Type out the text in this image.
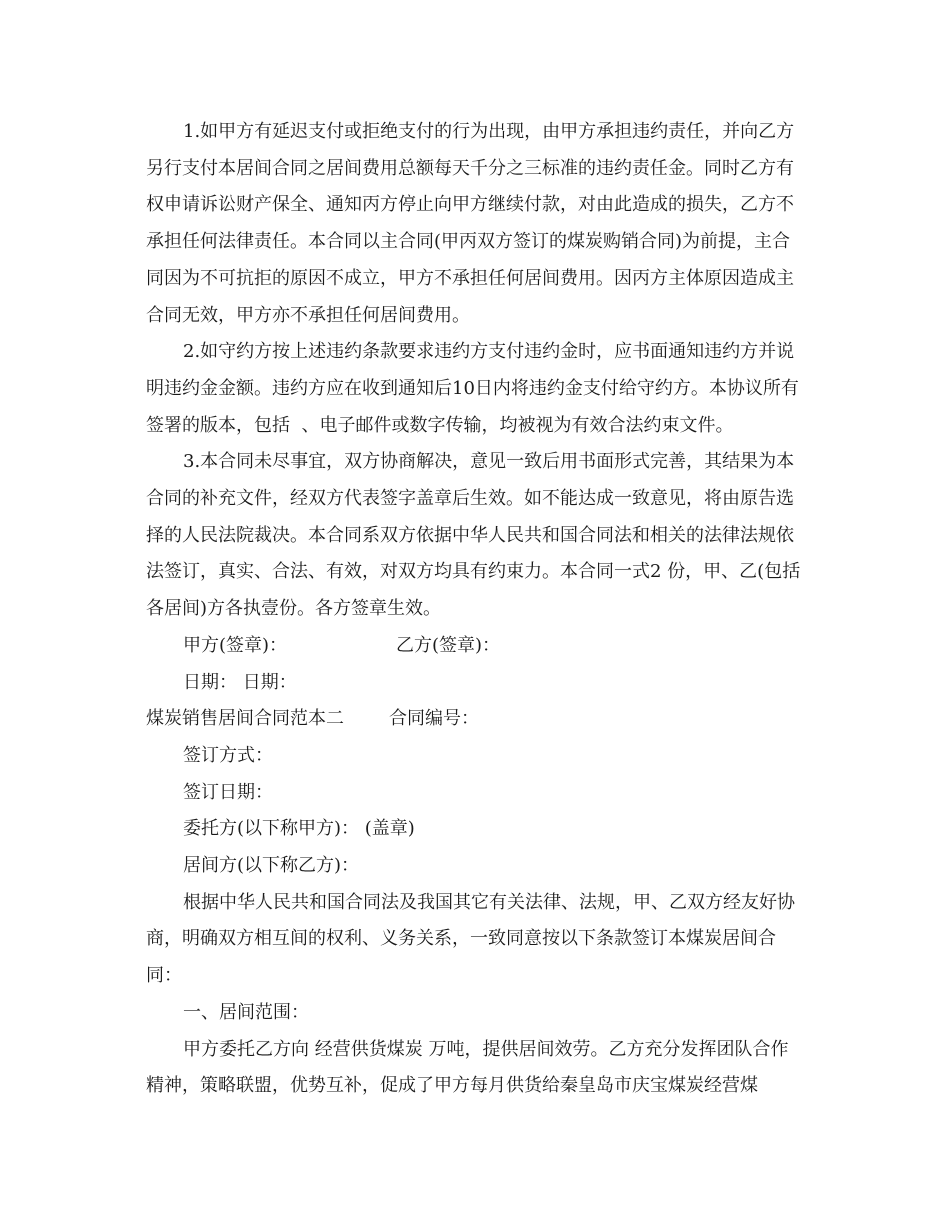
1.如甲方有延迟支付或拒绝支付的行为出现，由甲方承担违约责任，并向乙方另行支付本居间合同之居间费用总额每天千分之三标准的违约责任金。同时乙方有权申请诉讼财产保全、通知丙方停止向甲方继续付款，对由此造成的损失，乙方不承担任何法律责任。本合同以主合同(甲丙双方签订的煤炭购销合同)为前提，主合同因为不可抗拒的原因不成立，甲方不承担任何居间费用。因丙方主体原因造成主合同无效，甲方亦不承担任何居间费用。

2.如守约方按上述违约条款要求违约方支付违约金时，应书面通知违约方并说明违约金金额。违约方应在收到通知后10日内将违约金支付给守约方。本协议所有签署的版本，包括  、电子邮件或数字传输，均被视为有效合法约束文件。

3.本合同未尽事宜，双方协商解决，意见一致后用书面形式完善，其结果为本合同的补充文件，经双方代表签字盖章后生效。如不能达成一致意见，将由原告选择的人民法院裁决。本合同系双方依据中华人民共和国合同法和相关的法律法规依法签订，真实、合法、有效，对双方均具有约束力。本合同一式2 份，甲、乙(包括各居间)方各执壹份。各方签章生效。

甲方(签章)：	乙方(签章)：

日期： 日期：

煤炭销售居间合同范本二	合同编号：

签订方式：

签订日期：

委托方(以下称甲方)： (盖章)

居间方(以下称乙方)：

根据中华人民共和国合同法及我国其它有关法律、法规，甲、乙双方经友好协商，明确双方相互间的权利、义务关系，一致同意按以下条款签订本煤炭居间合同：

一、居间范围：

甲方委托乙方向 经营供货煤炭 万吨，提供居间效劳。乙方充分发挥团队合作精神，策略联盟，优势互补，促成了甲方每月供货给秦皇岛市庆宝煤炭经营煤
